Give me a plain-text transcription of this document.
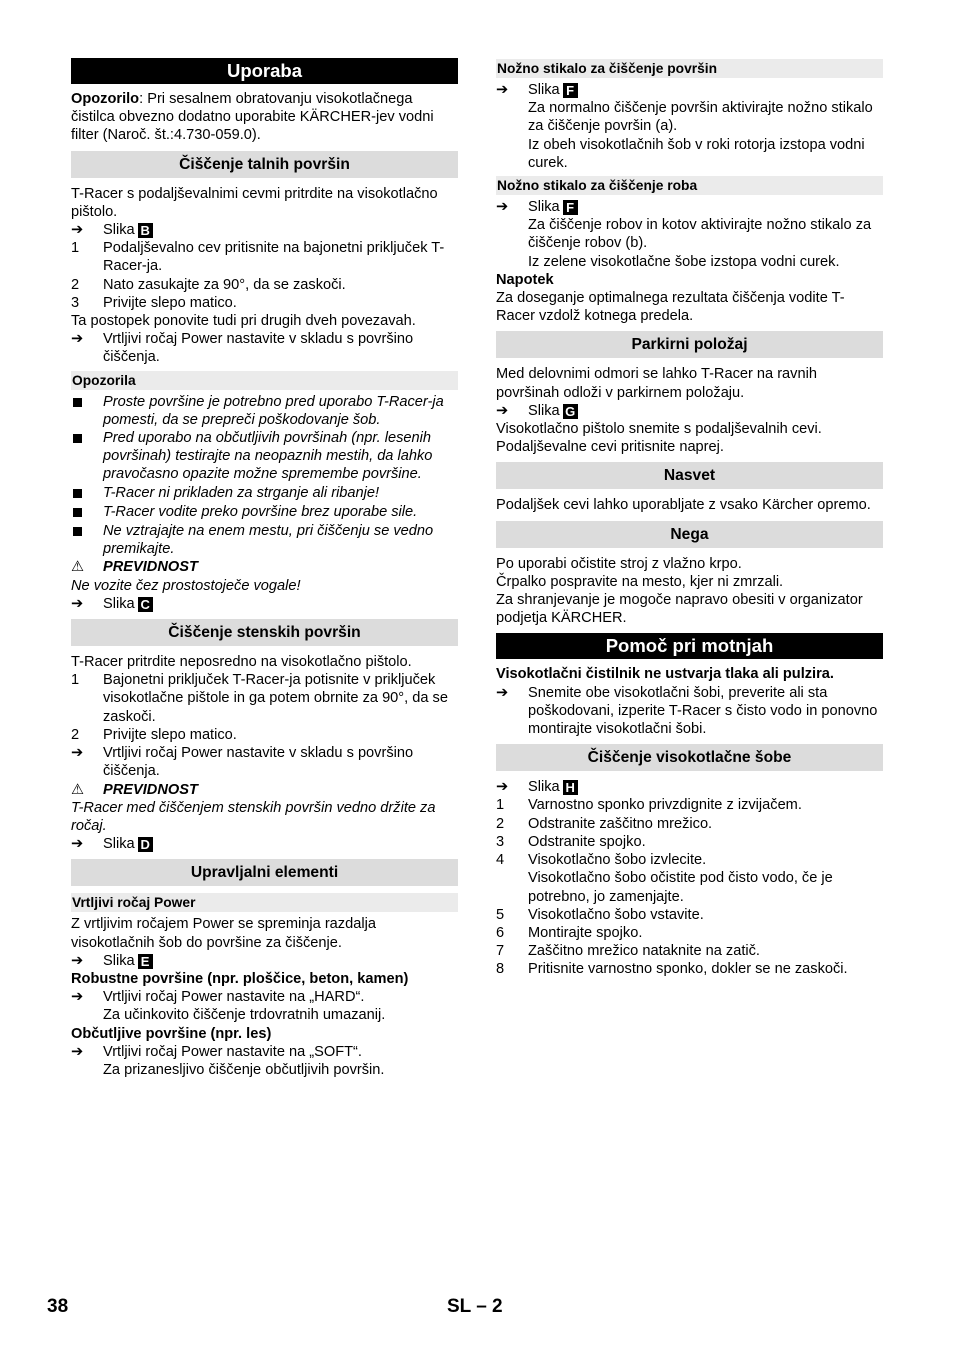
Uporaba

Opozorilo: Pri sesalnem obratovanju visokotlačnega čistilca obvezno dodatno uporabite KÄRCHER-jev vodni filter (Naroč. št.:4.730-059.0).

Čiščenje talnih površin

T-Racer s podaljševalnimi cevmi pritrdite na visokotlačno pištolo.

➔	Slika B
1	Podaljševalno cev pritisnite na bajonetni priključek T-Racer-ja.
2	Nato zasukajte za 90°, da se zaskoči.
3	Privijte slepo matico.

Ta postopek ponovite tudi pri drugih dveh povezavah.

➔	Vrtljivi ročaj Power nastavite v skladu s površino čiščenja.
Opozorila
Proste površine je potrebno pred uporabo T-Racer-ja pomesti, da se prepreči poškodovanje šob.
Pred uporabo na občutljivih površinah (npr. lesenih površinah) testirajte na neopaznih mestih, da lahko pravočasno opazite možne spremembe površine.
T-Racer ni prikladen za strganje ali ribanje!
T-Racer vodite preko površine brez uporabe sile.
Ne vztrajajte na enem mestu, pri čiščenju se vedno premikajte.
⚠	PREVIDNOST

Ne vozite čez prostostoječe vogale!

➔	Slika C
Čiščenje stenskih površin

T-Racer pritrdite neposredno na visokotlačno pištolo.

1	Bajonetni priključek T-Racer-ja potisnite v priključek visokotlačne pištole in ga potem obrnite za 90°, da se zaskoči.
2	Privijte slepo matico.
➔	Vrtljivi ročaj Power nastavite v skladu s površino čiščenja.
⚠	PREVIDNOST

T-Racer med čiščenjem stenskih površin vedno držite za ročaj.

➔	Slika D
Upravljalni elementi
Vrtljivi ročaj Power

Z vrtljivim ročajem Power se spreminja razdalja visokotlačnih šob do površine za čiščenje.

➔	Slika E

Robustne površine (npr. ploščice, beton, kamen)

➔	Vrtljivi ročaj Power nastavite na „HARD“.
Za učinkovito čiščenje trdovratnih umazanij.

Občutljive površine (npr. les)

➔	Vrtljivi ročaj Power nastavite na „SOFT“.
Za prizanesljivo čiščenje občutljivih površin.
Nožno stikalo za čiščenje površin
➔	Slika F
Za normalno čiščenje površin aktivirajte nožno stikalo za čiščenje površin (a).
Iz obeh visokotlačnih šob v roki rotorja izstopa vodni curek.
Nožno stikalo za čiščenje roba
➔	Slika F
Za čiščenje robov in kotov aktivirajte nožno stikalo za čiščenje robov (b).
Iz zelene visokotlačne šobe izstopa vodni curek.

Napotek

Za doseganje optimalnega rezultata čiščenja vodite T-Racer vzdolž kotnega predela.

Parkirni položaj

Med delovnimi odmori se lahko T-Racer na ravnih površinah odloži v parkirnem položaju.

➔	Slika G

Visokotlačno pištolo snemite s podaljševalnih cevi.

Podaljševalne cevi pritisnite naprej.

Nasvet

Podaljšek cevi lahko uporabljate z vsako Kärcher opremo.

Nega

Po uporabi očistite stroj z vlažno krpo.

Črpalko pospravite na mesto, kjer ni zmrzali.

Za shranjevanje je mogoče napravo obesiti v organizator podjetja KÄRCHER.

Pomoč pri motnjah

Visokotlačni čistilnik ne ustvarja tlaka ali pulzira.

➔	Snemite obe visokotlačni šobi, preverite ali sta poškodovani, izperite T-Racer s čisto vodo in ponovno montirajte visokotlačni šobi.
Čiščenje visokotlačne šobe
➔	Slika H
1	Varnostno sponko privzdignite z izvijačem.
2	Odstranite zaščitno mrežico.
3	Odstranite spojko.
4	Visokotlačno šobo izvlecite.
Visokotlačno šobo očistite pod čisto vodo, če je potrebno, jo zamenjajte.
5	Visokotlačno šobo vstavite.
6	Montirajte spojko.
7	Zaščitno mrežico nataknite na zatič.
8	Pritisnite varnostno sponko, dokler se ne zaskoči.
38	SL – 2
